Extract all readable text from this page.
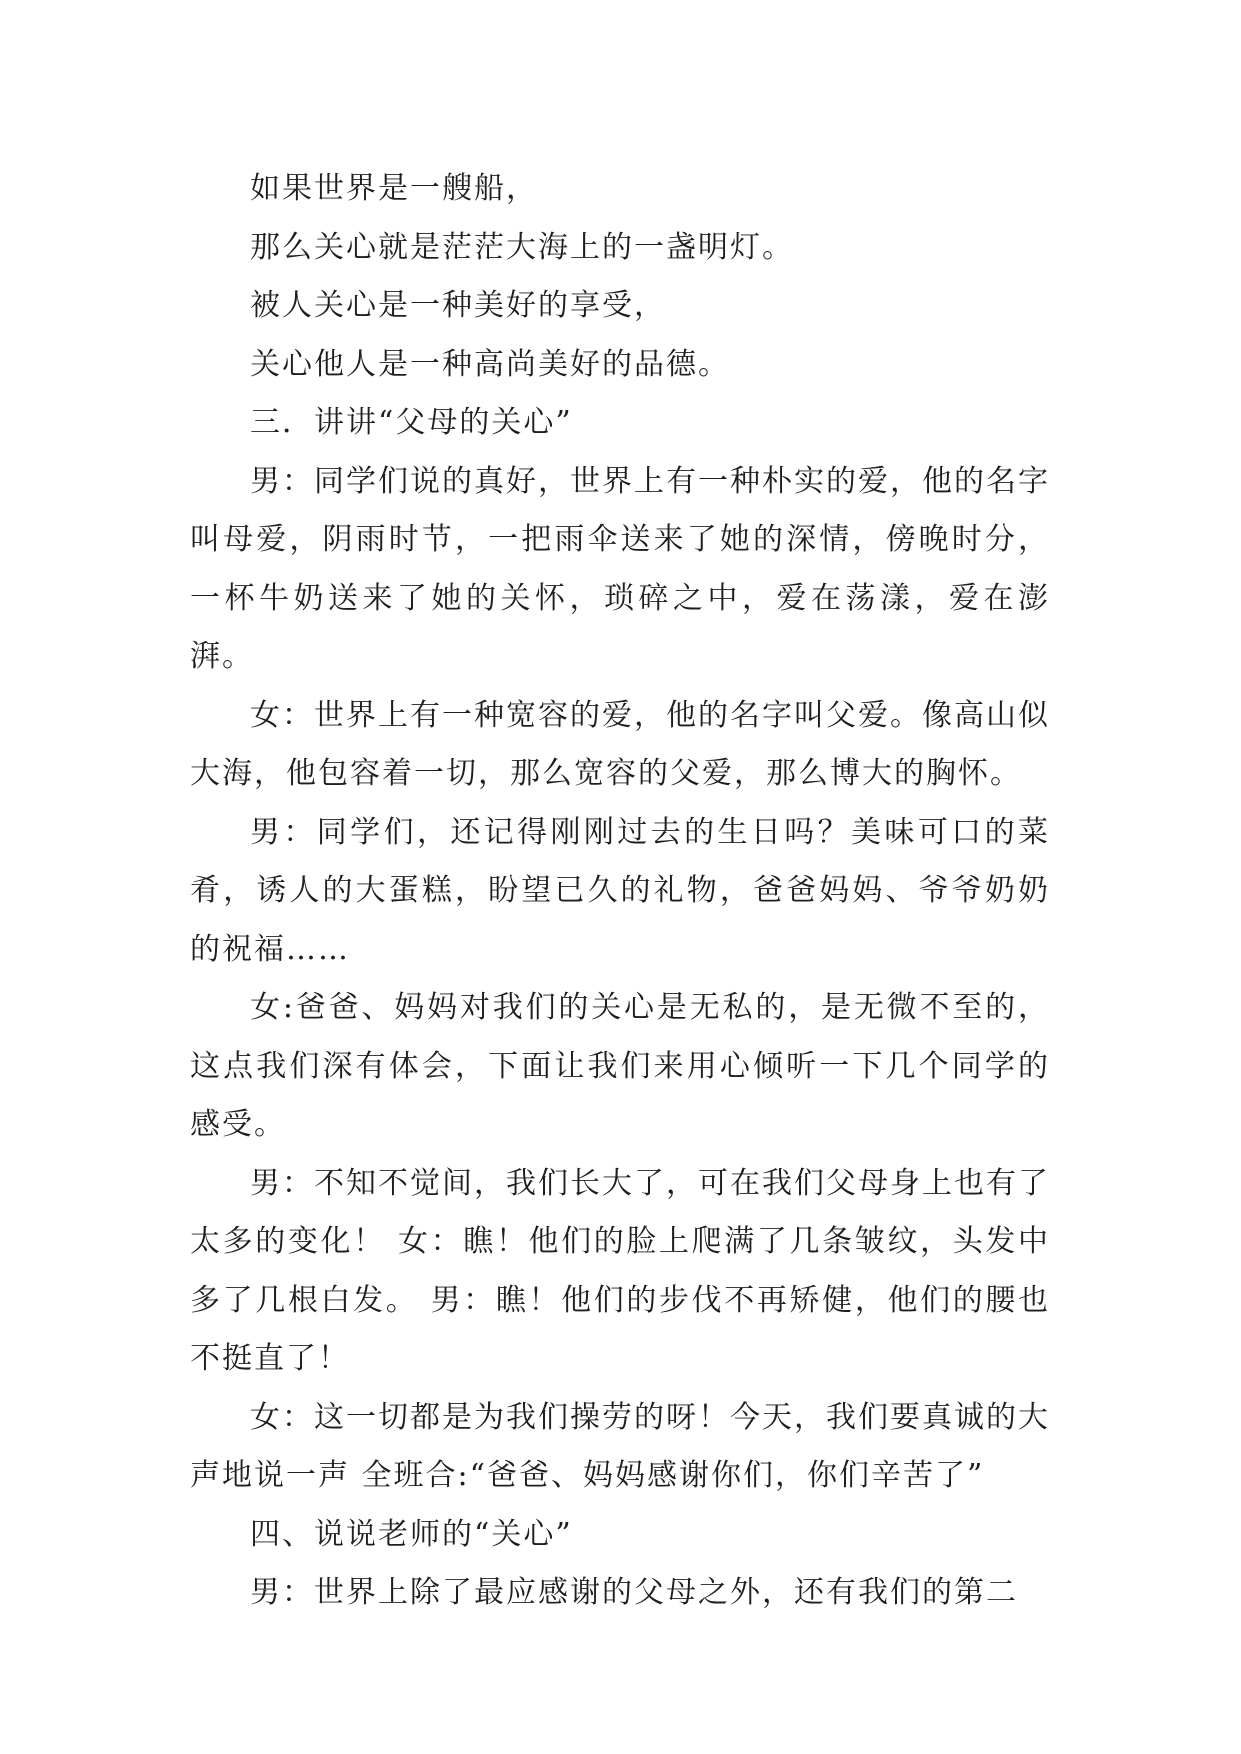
如果世界是一艘船，

那么关心就是茫茫大海上的一盏明灯。

被人关心是一种美好的享受，

关心他人是一种高尚美好的品德。

三．讲讲“父母的关心”

男：同学们说的真好，世界上有一种朴实的爱，他的名字叫母爱，阴雨时节，一把雨伞送来了她的深情，傍晚时分，一杯牛奶送来了她的关怀，琐碎之中，爱在荡漾，爱在澎湃。

女：世界上有一种宽容的爱，他的名字叫父爱。像高山似大海，他包容着一切，那么宽容的父爱，那么博大的胸怀。

男：同学们，还记得刚刚过去的生日吗？美味可口的菜肴，诱人的大蛋糕，盼望已久的礼物，爸爸妈妈、爷爷奶奶的祝福……

女:爸爸、妈妈对我们的关心是无私的，是无微不至的，这点我们深有体会，下面让我们来用心倾听一下几个同学的感受。

男：不知不觉间，我们长大了，可在我们父母身上也有了太多的变化！ 女：瞧！他们的脸上爬满了几条皱纹，头发中多了几根白发。 男：瞧！他们的步伐不再矫健，他们的腰也不挺直了！

女：这一切都是为我们操劳的呀！今天，我们要真诚的大声地说一声 全班合:“爸爸、妈妈感谢你们，你们辛苦了”

四、说说老师的“关心”

男：世界上除了最应感谢的父母之外，还有我们的第二
